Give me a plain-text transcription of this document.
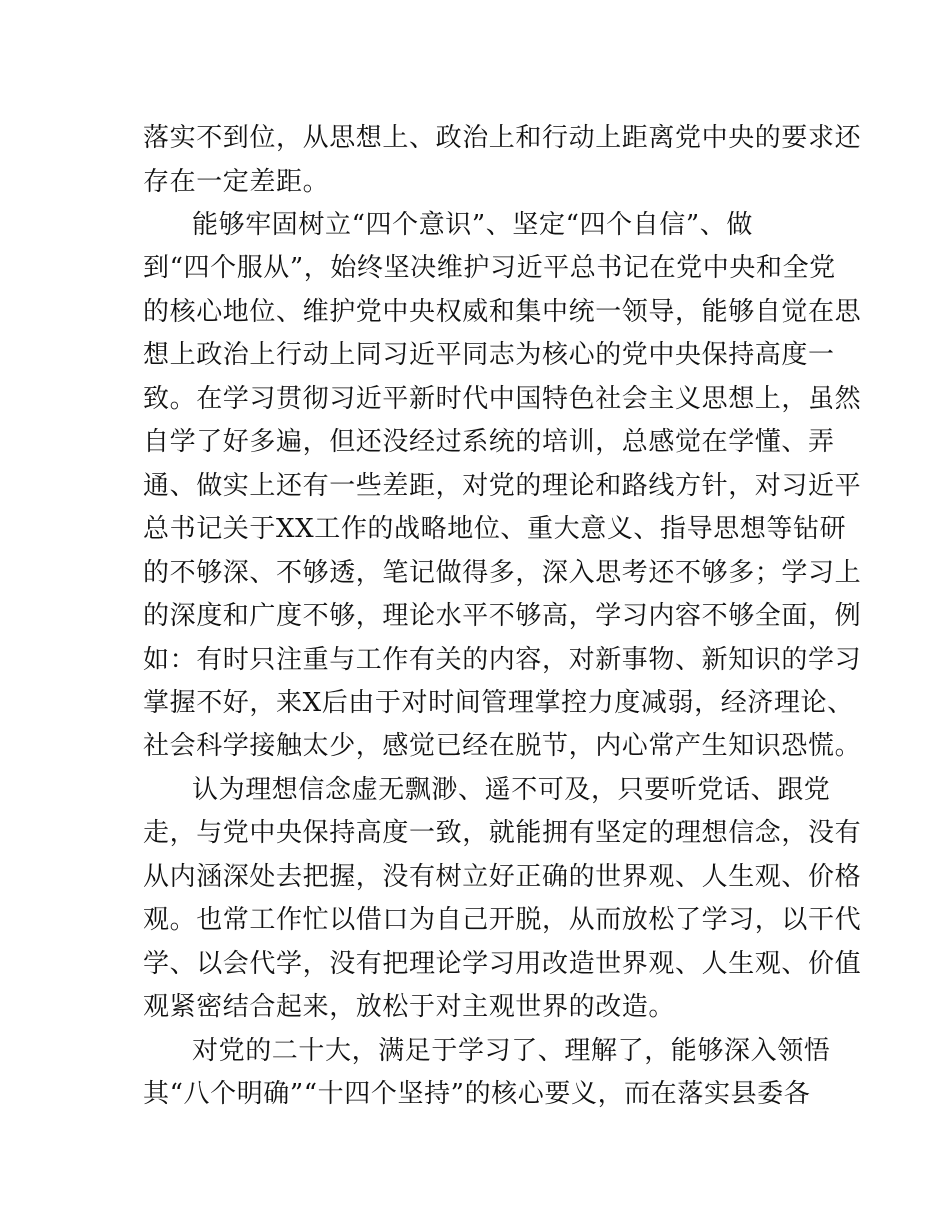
落实不到位，从思想上、政治上和行动上距离党中央的要求还
存在一定差距。
能够牢固树立“四个意识”、坚定“四个自信”、做
到“四个服从”，始终坚决维护习近平总书记在党中央和全党
的核心地位、维护党中央权威和集中统一领导，能够自觉在思
想上政治上行动上同习近平同志为核心的党中央保持高度一
致。在学习贯彻习近平新时代中国特色社会主义思想上，虽然
自学了好多遍，但还没经过系统的培训，总感觉在学懂、弄
通、做实上还有一些差距，对党的理论和路线方针，对习近平
总书记关于XX工作的战略地位、重大意义、指导思想等钻研
的不够深、不够透，笔记做得多，深入思考还不够多；学习上
的深度和广度不够，理论水平不够高，学习内容不够全面，例
如：有时只注重与工作有关的内容，对新事物、新知识的学习
掌握不好，来X后由于对时间管理掌控力度减弱，经济理论、
社会科学接触太少，感觉已经在脱节，内心常产生知识恐慌。
认为理想信念虚无飘渺、遥不可及，只要听党话、跟党
走，与党中央保持高度一致，就能拥有坚定的理想信念，没有
从内涵深处去把握，没有树立好正确的世界观、人生观、价格
观。也常工作忙以借口为自己开脱，从而放松了学习，以干代
学、以会代学，没有把理论学习用改造世界观、人生观、价值
观紧密结合起来，放松于对主观世界的改造。
对党的二十大，满足于学习了、理解了，能够深入领悟
其“八个明确”“十四个坚持”的核心要义，而在落实县委各
